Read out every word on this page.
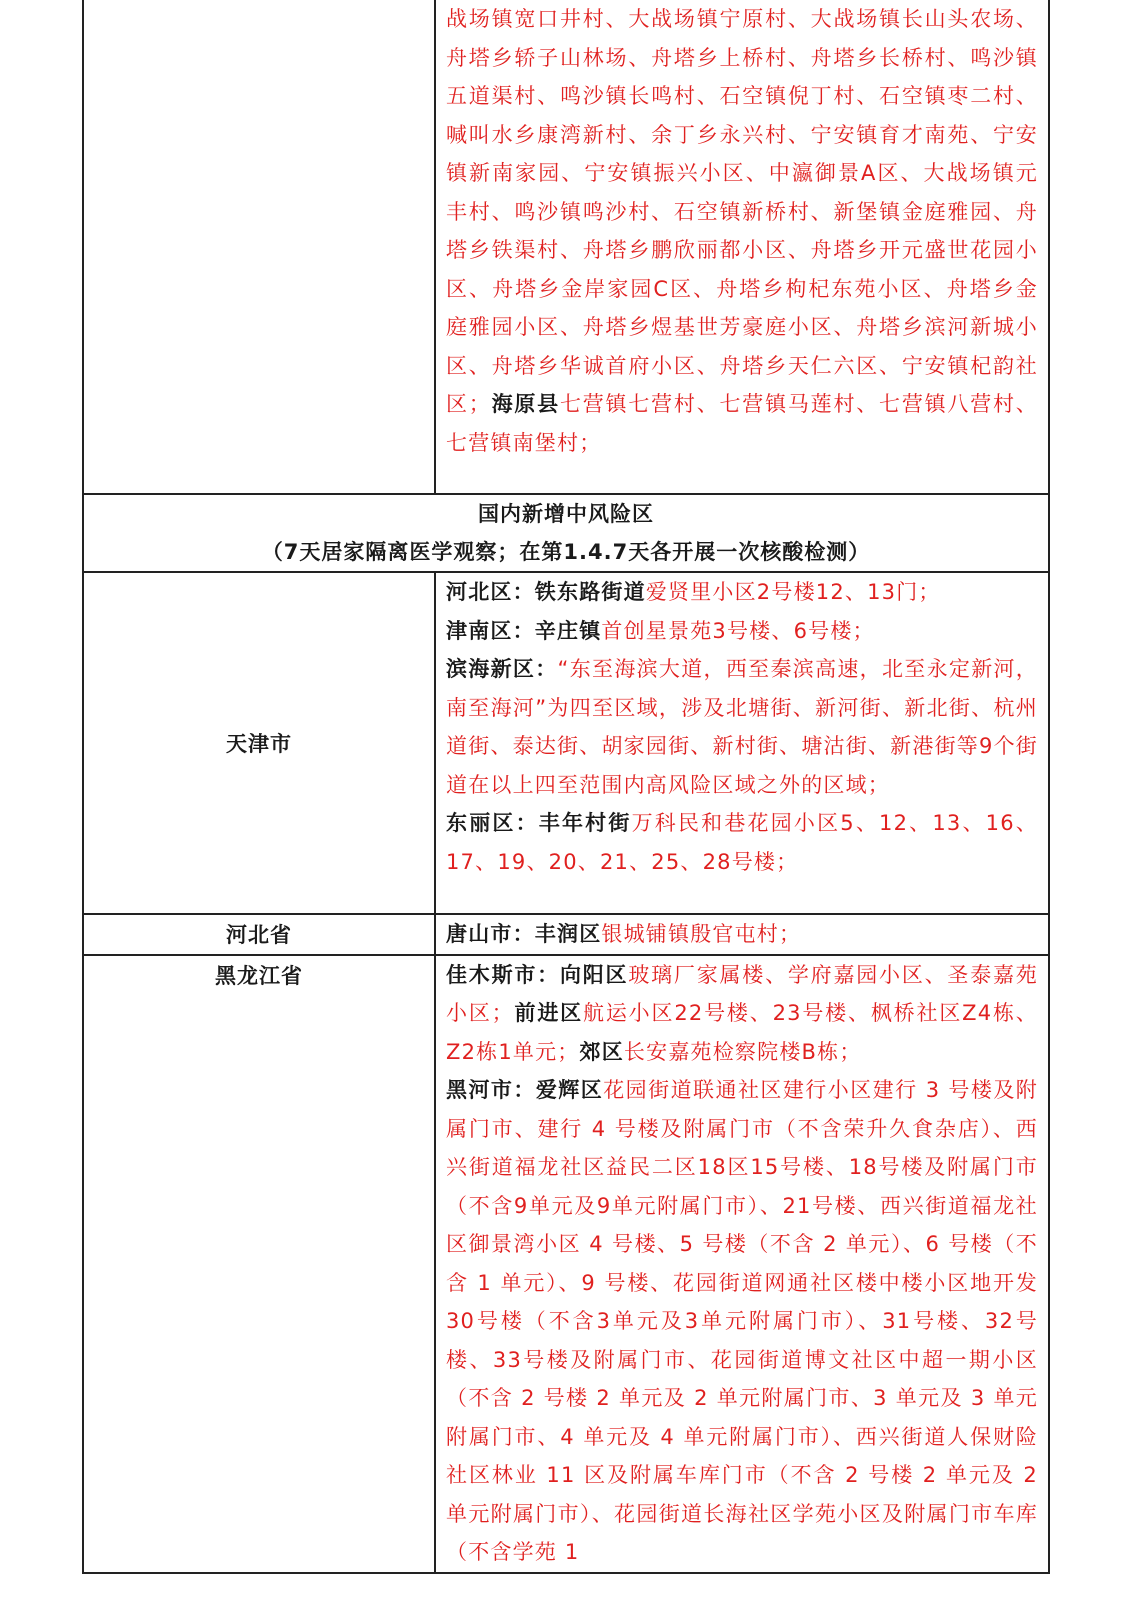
	战场镇宽口井村、大战场镇宁原村、大战场镇长山头农场、舟塔乡轿子山林场、舟塔乡上桥村、舟塔乡长桥村、鸣沙镇五道渠村、鸣沙镇长鸣村、石空镇倪丁村、石空镇枣二村、喊叫水乡康湾新村、余丁乡永兴村、宁安镇育才南苑、宁安镇新南家园、宁安镇振兴小区、中瀛御景A区、大战场镇元丰村、鸣沙镇鸣沙村、石空镇新桥村、新堡镇金庭雅园、舟塔乡铁渠村、舟塔乡鹏欣丽都小区、舟塔乡开元盛世花园小区、舟塔乡金岸家园C区、舟塔乡枸杞东苑小区、舟塔乡金庭雅园小区、舟塔乡煜基世芳豪庭小区、舟塔乡滨河新城小区、舟塔乡华诚首府小区、舟塔乡天仁六区、宁安镇杞韵社区；海原县七营镇七营村、七营镇马莲村、七营镇八营村、七营镇南堡村；

国内新增中风险区
（7天居家隔离医学观察；在第1.4.7天各开展一次核酸检测）	

天津市	河北区：铁东路街道爱贤里小区2号楼12、13门；

津南区：辛庄镇首创星景苑3号楼、6号楼；

滨海新区：“东至海滨大道，西至秦滨高速，北至永定新河，南至海河”为四至区域，涉及北塘街、新河街、新北街、杭州道街、泰达街、胡家园街、新村街、塘沽街、新港街等9个街道在以上四至范围内高风险区域之外的区域；

东丽区：丰年村街万科民和巷花园小区5、12、13、16、17、19、20、21、25、28号楼；

河北省	唐山市：丰润区银城铺镇殷官屯村；

黑龙江省	佳木斯市：向阳区玻璃厂家属楼、学府嘉园小区、圣泰嘉苑小区；前进区航运小区22号楼、23号楼、枫桥社区Z4栋、Z2栋1单元；郊区长安嘉苑检察院楼B栋；

黑河市：爱辉区花园街道联通社区建行小区建行 3 号楼及附属门市、建行 4 号楼及附属门市（不含荣升久食杂店）、西兴街道福龙社区益民二区18区15号楼、18号楼及附属门市（不含9单元及9单元附属门市）、21号楼、西兴街道福龙社区御景湾小区 4 号楼、5 号楼（不含 2 单元）、6 号楼（不含 1 单元）、9 号楼、花园街道网通社区楼中楼小区地开发30号楼（不含3单元及3单元附属门市）、31号楼、32号楼、33号楼及附属门市、花园街道博文社区中超一期小区（不含 2 号楼 2 单元及 2 单元附属门市、3 单元及 3 单元附属门市、4 单元及 4 单元附属门市）、西兴街道人保财险社区林业 11 区及附属车库门市（不含 2 号楼 2 单元及 2 单元附属门市）、花园街道长海社区学苑小区及附属门市车库（不含学苑 1
